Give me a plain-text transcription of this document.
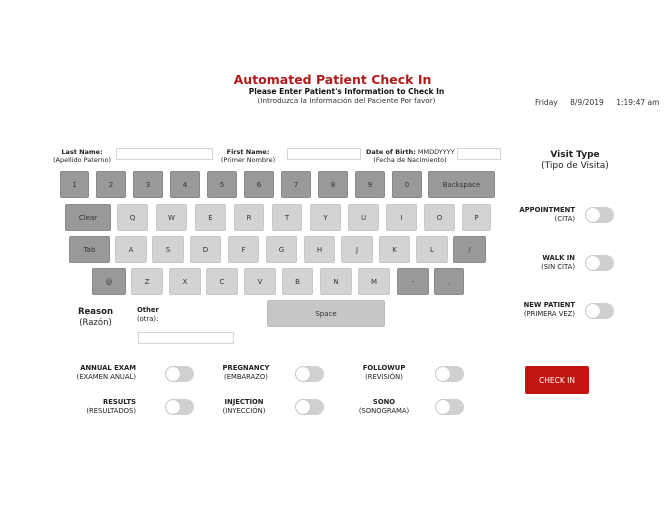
Automated Patient Check In
Please Enter Patient's Information to Check In
(Introduzca la Información del Paciente Por favor)	Friday 8/9/2019 1:19:47 am
Last Name:
(Apellido Paterno)
First Name:
(Primer Nombre)
Date of Birth: MMDDYYYY
(Fecha de Nacimiento)
1	2	3	4	5	6	7	8	9	0	Backspace
Clear	Q	W	E	R	T	Y	U	I	O	P
Tab	A	S	D	F	G	H	J	K	L	/
@	Z	X	C	V	B	N	M	-	.
Space
Reason
(Razón)
Other
(otra):
ANNUAL EXAM
(EXAMEN ANUAL)
PREGNANCY
(EMBARAZO)
FOLLOWUP
(REVISIÓN)
RESULTS
(RESULTADOS)
INJECTION
(INYECCIÓN)
SONO
(SONOGRAMA)
Visit Type
(Tipo de Visita)
APPOINTMENT
(CITA)
WALK IN
(SIN CITA)
NEW PATIENT
(PRIMERA VEZ)
CHECK IN
